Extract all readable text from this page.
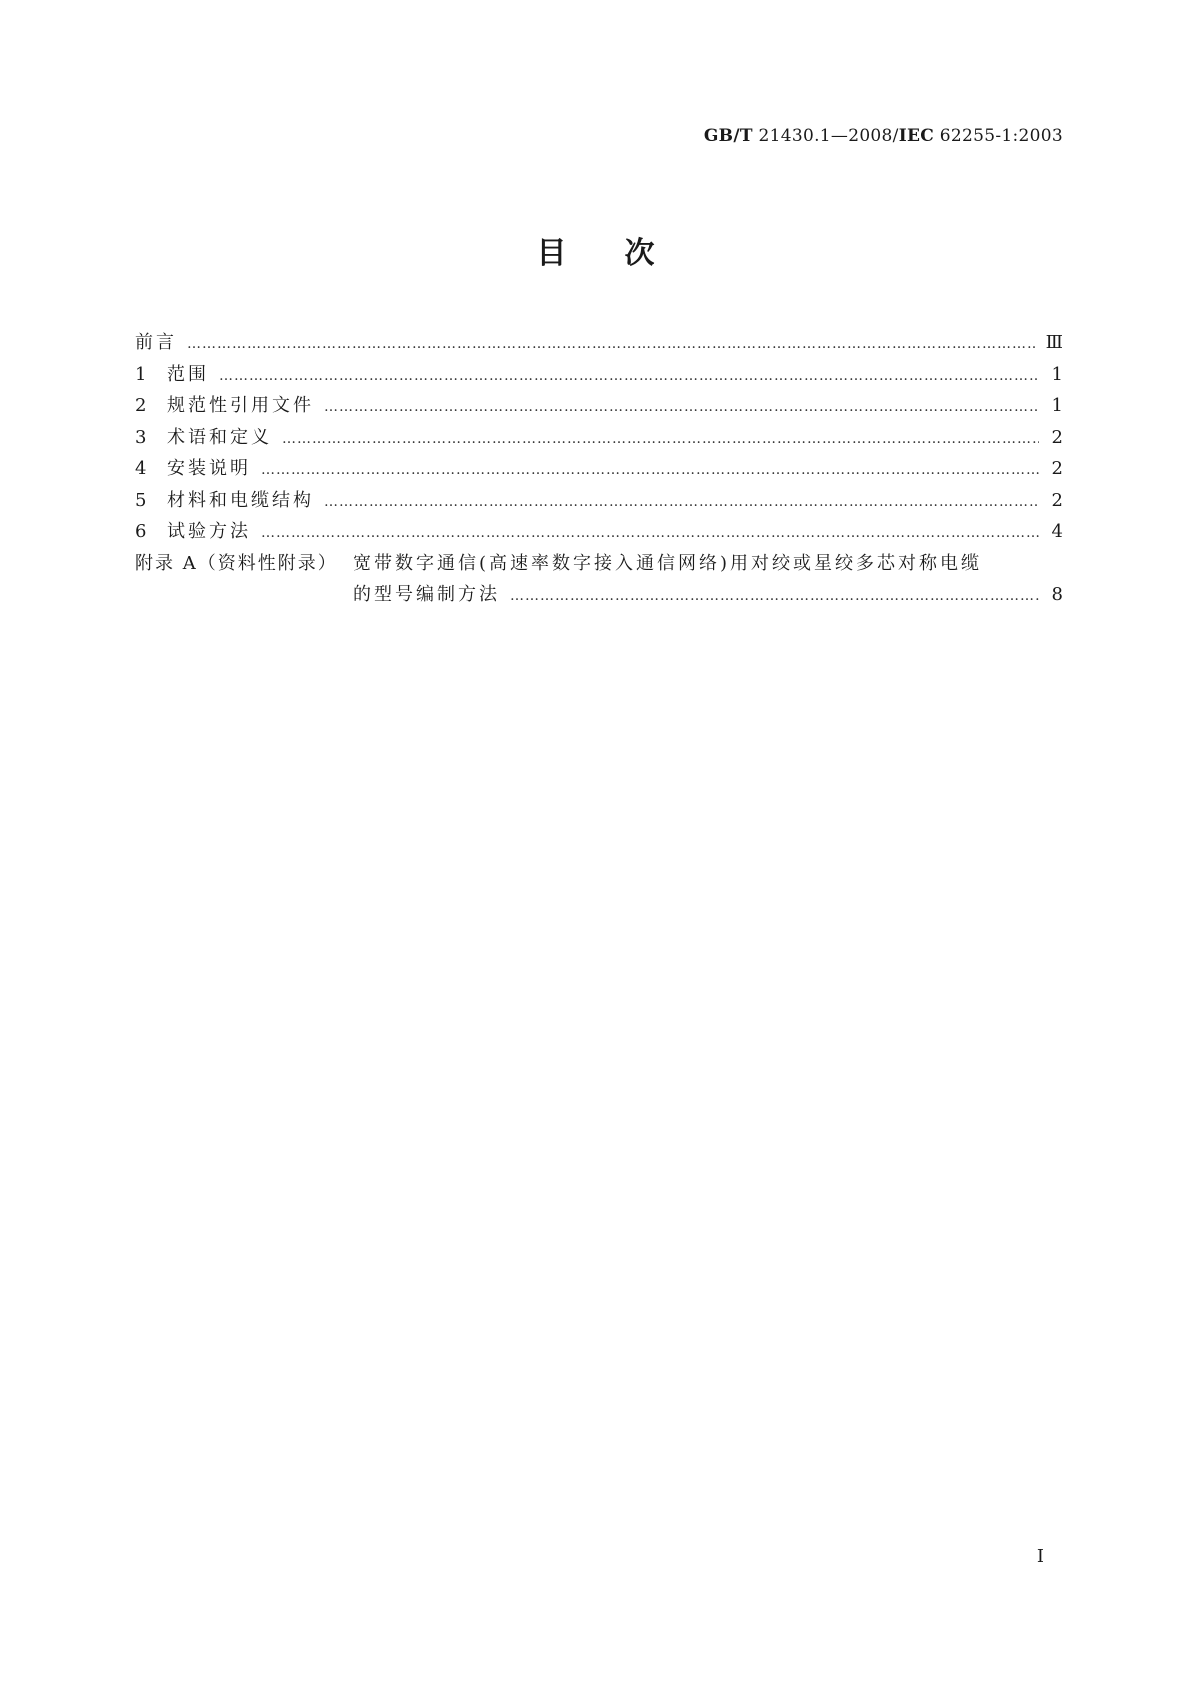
GB/T 21430.1—2008/IEC 62255-1:2003
目次
前言 …………………………………………………………………………………………………………………………………………………………………………………………………………………………	Ⅲ
1	范围 …………………………………………………………………………………………………………………………………………………………………………………………………………………………	1
2	规范性引用文件 …………………………………………………………………………………………………………………………………………………………………………………………………………………………	1
3	术语和定义 …………………………………………………………………………………………………………………………………………………………………………………………………………………………	2
4	安装说明 …………………………………………………………………………………………………………………………………………………………………………………………………………………………	2
5	材料和电缆结构 …………………………………………………………………………………………………………………………………………………………………………………………………………………………	2
6	试验方法 …………………………………………………………………………………………………………………………………………………………………………………………………………………………	4
附录 A（资料性附录） 宽带数字通信(高速率数字接入通信网络)用对绞或星绞多芯对称电缆
的型号编制方法 …………………………………………………………………………………………………………………………………………………………………………………………………………………………	8
I
